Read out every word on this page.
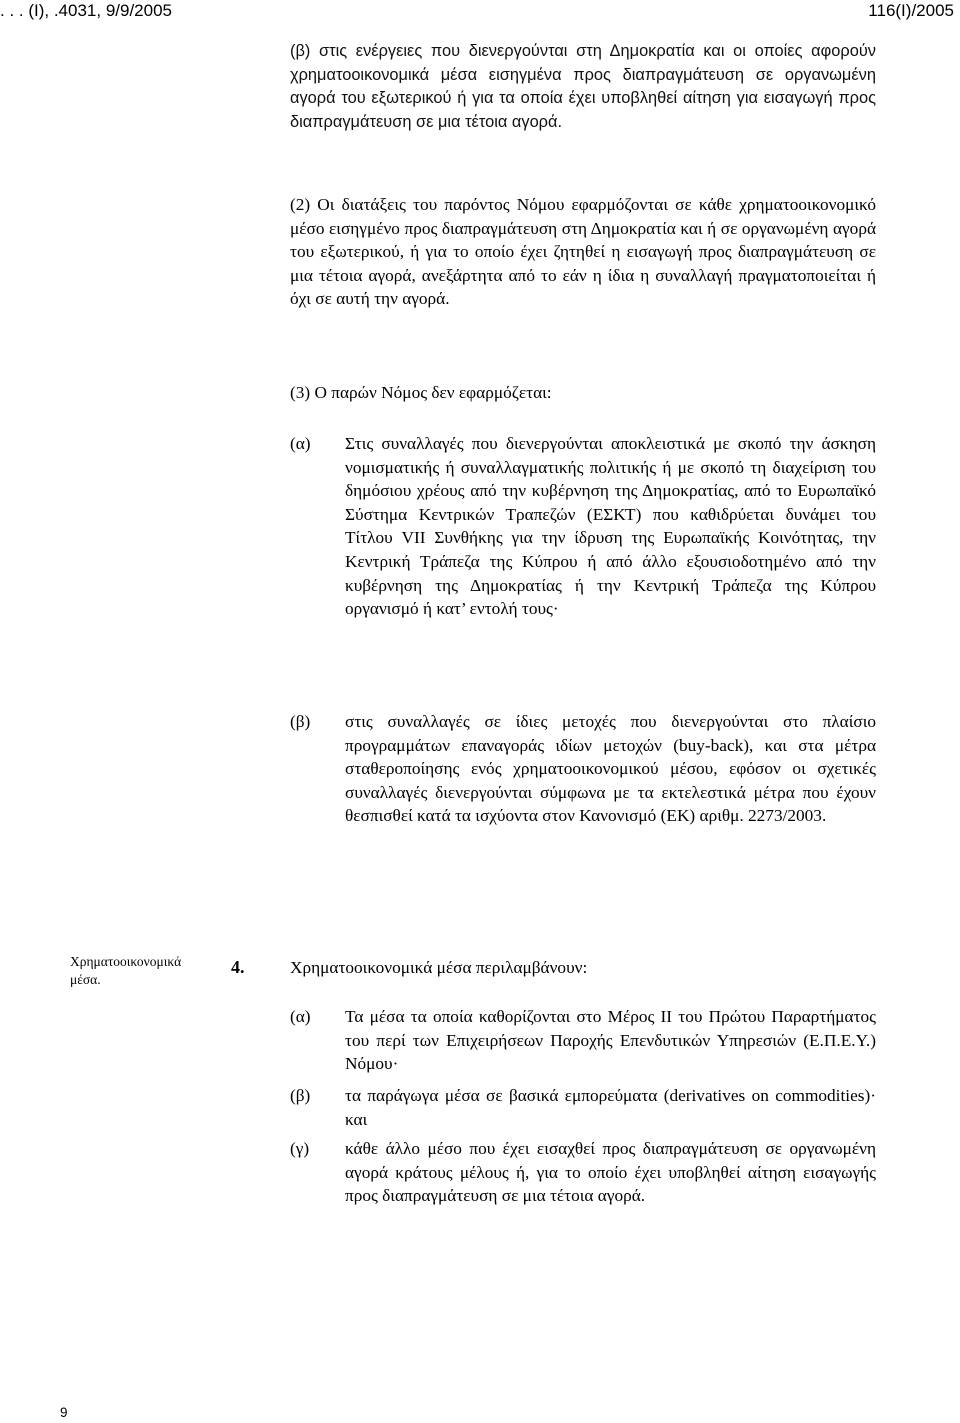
. . . (Ι), .4031, 9/9/2005	116(Ι)/2005

(β) στις ενέργειες που διενεργούνται στη Δημοκρατία και οι οποίες αφορούν χρηματοοικονομικά μέσα εισηγμένα προς διαπραγμάτευση σε οργανωμένη αγορά του εξωτερικού ή για τα οποία έχει υποβληθεί αίτηση για εισαγωγή προς διαπραγμάτευση σε μια τέτοια αγορά.

(2) Οι διατάξεις του παρόντος Νόμου εφαρμόζονται σε κάθε χρηματοοικονομικό μέσο εισηγμένο προς διαπραγμάτευση στη Δημοκρατία και ή σε οργανωμένη αγορά του εξωτερικού, ή για το οποίο έχει ζητηθεί η εισαγωγή προς διαπραγμάτευση σε μια τέτοια αγορά, ανεξάρτητα από το εάν η ίδια η συναλλαγή πραγματοποιείται ή όχι σε αυτή την αγορά.

(3) Ο παρών Νόμος δεν εφαρμόζεται:

(α) Στις συναλλαγές που διενεργούνται αποκλειστικά με σκοπό την άσκηση νομισματικής ή συναλλαγματικής πολιτικής ή με σκοπό τη διαχείριση του δημόσιου χρέους από την κυβέρνηση της Δημοκρατίας, από το Ευρωπαϊκό Σύστημα Κεντρικών Τραπεζών (ΕΣΚΤ) που καθιδρύεται δυνάμει του Τίτλου VII Συνθήκης για την ίδρυση της Ευρωπαϊκής Κοινότητας, την Κεντρική Τράπεζα της Κύπρου ή από άλλο εξουσιοδοτημένο από την κυβέρνηση της Δημοκρατίας ή την Κεντρική Τράπεζα της Κύπρου οργανισμό ή κατ’ εντολή τους·

(β) στις συναλλαγές σε ίδιες μετοχές που διενεργούνται στο πλαίσιο προγραμμάτων επαναγοράς ιδίων μετοχών (buy-back), και στα μέτρα σταθεροποίησης ενός χρηματοοικονομικού μέσου, εφόσον οι σχετικές συναλλαγές διενεργούνται σύμφωνα με τα εκτελεστικά μέτρα που έχουν θεσπισθεί κατά τα ισχύοντα στον Κανονισμό (ΕΚ) αριθμ. 2273/2003.

Χρηματοοικονομικά μέσα.
4.	Χρηματοοικονομικά μέσα περιλαμβάνουν:
(α) Τα μέσα τα οποία καθορίζονται στο Μέρος ΙΙ του Πρώτου Παραρτήματος του περί των Επιχειρήσεων Παροχής Επενδυτικών Υπηρεσιών (Ε.Π.Ε.Υ.) Νόμου·

(β) τα παράγωγα μέσα σε βασικά εμπορεύματα (derivatives on commodities)· και

(γ) κάθε άλλο μέσο που έχει εισαχθεί προς διαπραγμάτευση σε οργανωμένη αγορά κράτους μέλους ή, για το οποίο έχει υποβληθεί αίτηση εισαγωγής προς διαπραγμάτευση σε μια τέτοια αγορά.

9
